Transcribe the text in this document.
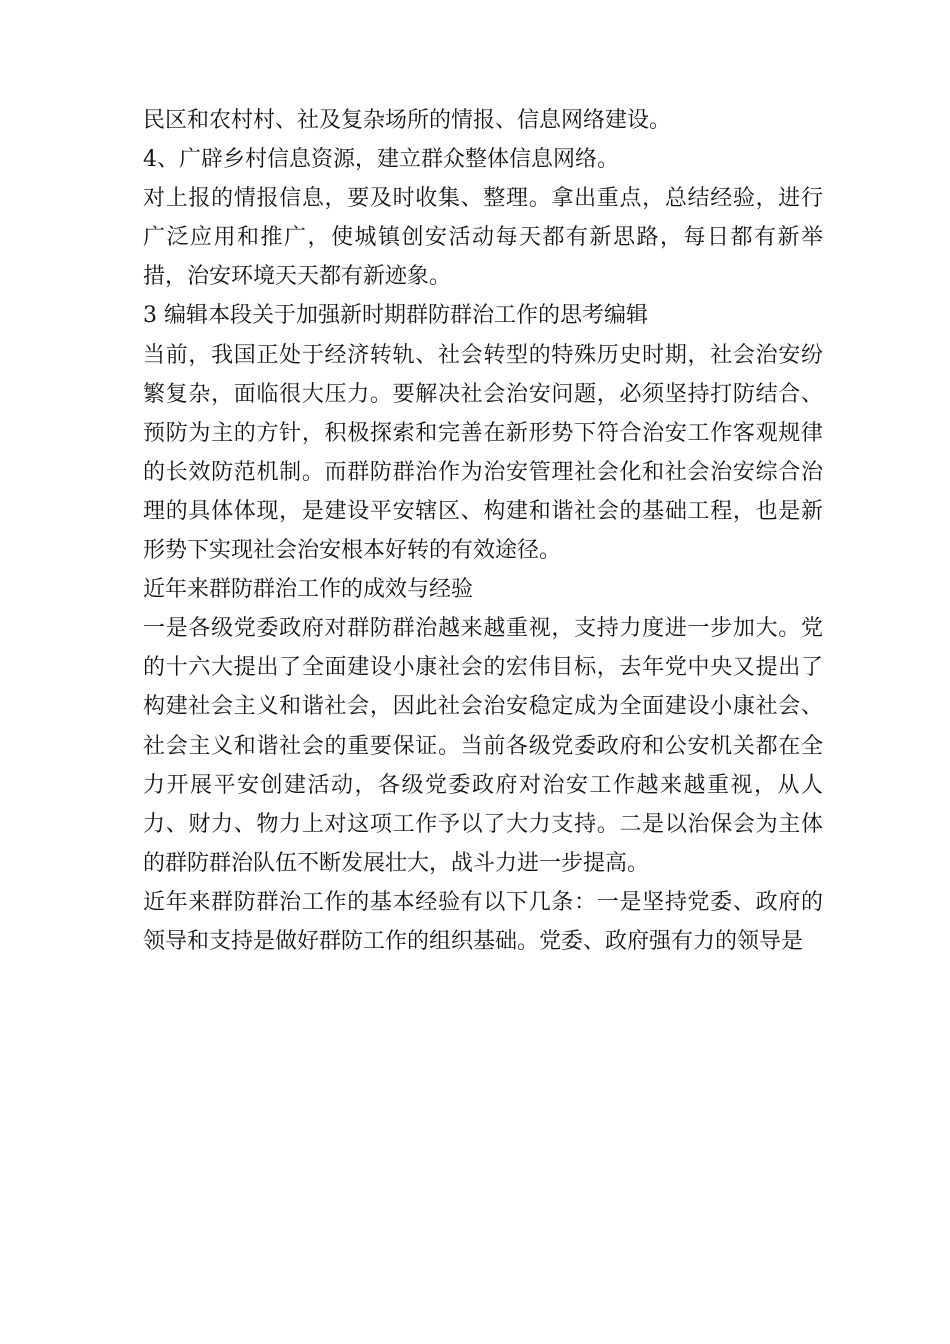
民区和农村村、社及复杂场所的情报、信息网络建设。

4、广辟乡村信息资源，建立群众整体信息网络。

对上报的情报信息，要及时收集、整理。拿出重点，总结经验，进行广泛应用和推广，使城镇创安活动每天都有新思路，每日都有新举措，治安环境天天都有新迹象。

3 编辑本段关于加强新时期群防群治工作的思考编辑

当前，我国正处于经济转轨、社会转型的特殊历史时期，社会治安纷繁复杂，面临很大压力。要解决社会治安问题，必须坚持打防结合、预防为主的方针，积极探索和完善在新形势下符合治安工作客观规律的长效防范机制。而群防群治作为治安管理社会化和社会治安综合治理的具体体现，是建设平安辖区、构建和谐社会的基础工程，也是新形势下实现社会治安根本好转的有效途径。

近年来群防群治工作的成效与经验

一是各级党委政府对群防群治越来越重视，支持力度进一步加大。党的十六大提出了全面建设小康社会的宏伟目标，去年党中央又提出了构建社会主义和谐社会，因此社会治安稳定成为全面建设小康社会、社会主义和谐社会的重要保证。当前各级党委政府和公安机关都在全力开展平安创建活动，各级党委政府对治安工作越来越重视，从人力、财力、物力上对这项工作予以了大力支持。二是以治保会为主体的群防群治队伍不断发展壮大，战斗力进一步提高。

近年来群防群治工作的基本经验有以下几条：一是坚持党委、政府的领导和支持是做好群防工作的组织基础。党委、政府强有力的领导是
